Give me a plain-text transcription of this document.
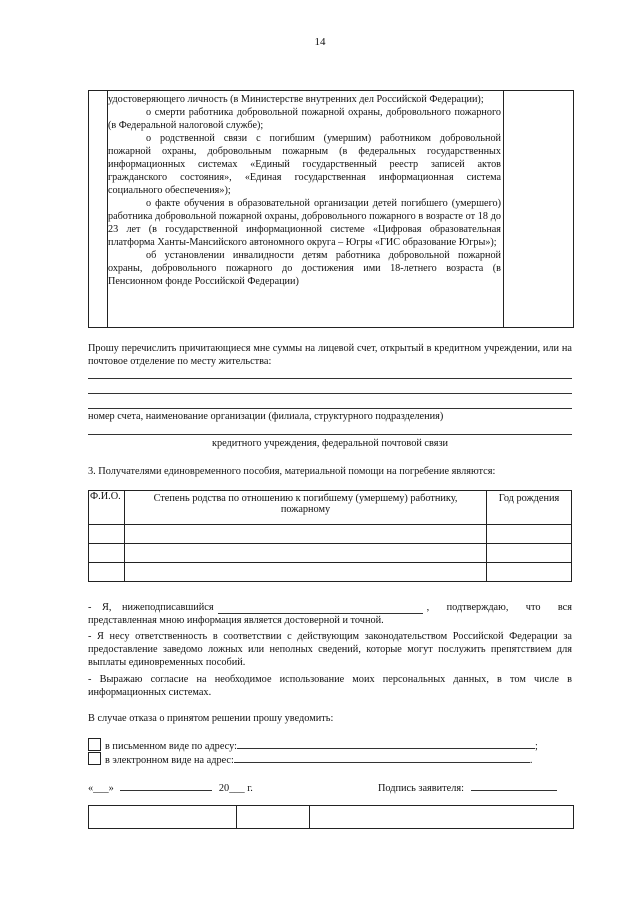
14

удостоверяющего личность (в Министерстве внутренних дел Российской Федерации);

о смерти работника добровольной пожарной охраны, добровольного пожарного (в Федеральной налоговой службе);

о родственной связи с погибшим (умершим) работником добровольной пожарной охраны, добровольным пожарным (в федеральных государственных информационных системах «Единый государственный реестр записей актов гражданского состояния», «Единая государственная информационная система социального обеспечения»);

о факте обучения в образовательной организации детей погибшего (умершего) работника добровольной пожарной охраны, добровольного пожарного в возрасте от 18 до 23 лет (в государственной информационной системе «Цифровая образовательная платформа Ханты-Мансийского автономного округа – Югры «ГИС образование Югры»);

об установлении инвалидности детям работника добровольной пожарной охраны, добровольного пожарного до достижения ими 18-летнего возраста (в Пенсионном фонде Российской Федерации)

Прошу перечислить причитающиеся мне суммы на лицевой счет, открытый в кредитном учреждении, или на почтовое отделение по месту жительства:
номер счета, наименование организации (филиала, структурного подразделения)
кредитного учреждения, федеральной почтовой связи
3. Получателями единовременного пособия, материальной помощи на погребение являются:
Ф.И.О.	Степень родства по отношению к погибшему (умершему) работнику, пожарному	Год рождения

- Я, нижеподписавшийся	, подтверждаю, что вся
представленная мною информация является достоверной и точной.
- Я несу ответственность в соответствии с действующим законодательством Российской Федерации за предоставление заведомо ложных или неполных сведений, которые могут послужить препятствием для выплаты единовременных пособий.
- Выражаю согласие на необходимое использование моих персональных данных, в том числе в информационных системах.
В случае отказа о принятом решении прошу уведомить:
в письменном виде по адресу:	;
в электронном виде на адрес:	.
«___»	20___ г.	Подпись заявителя:
